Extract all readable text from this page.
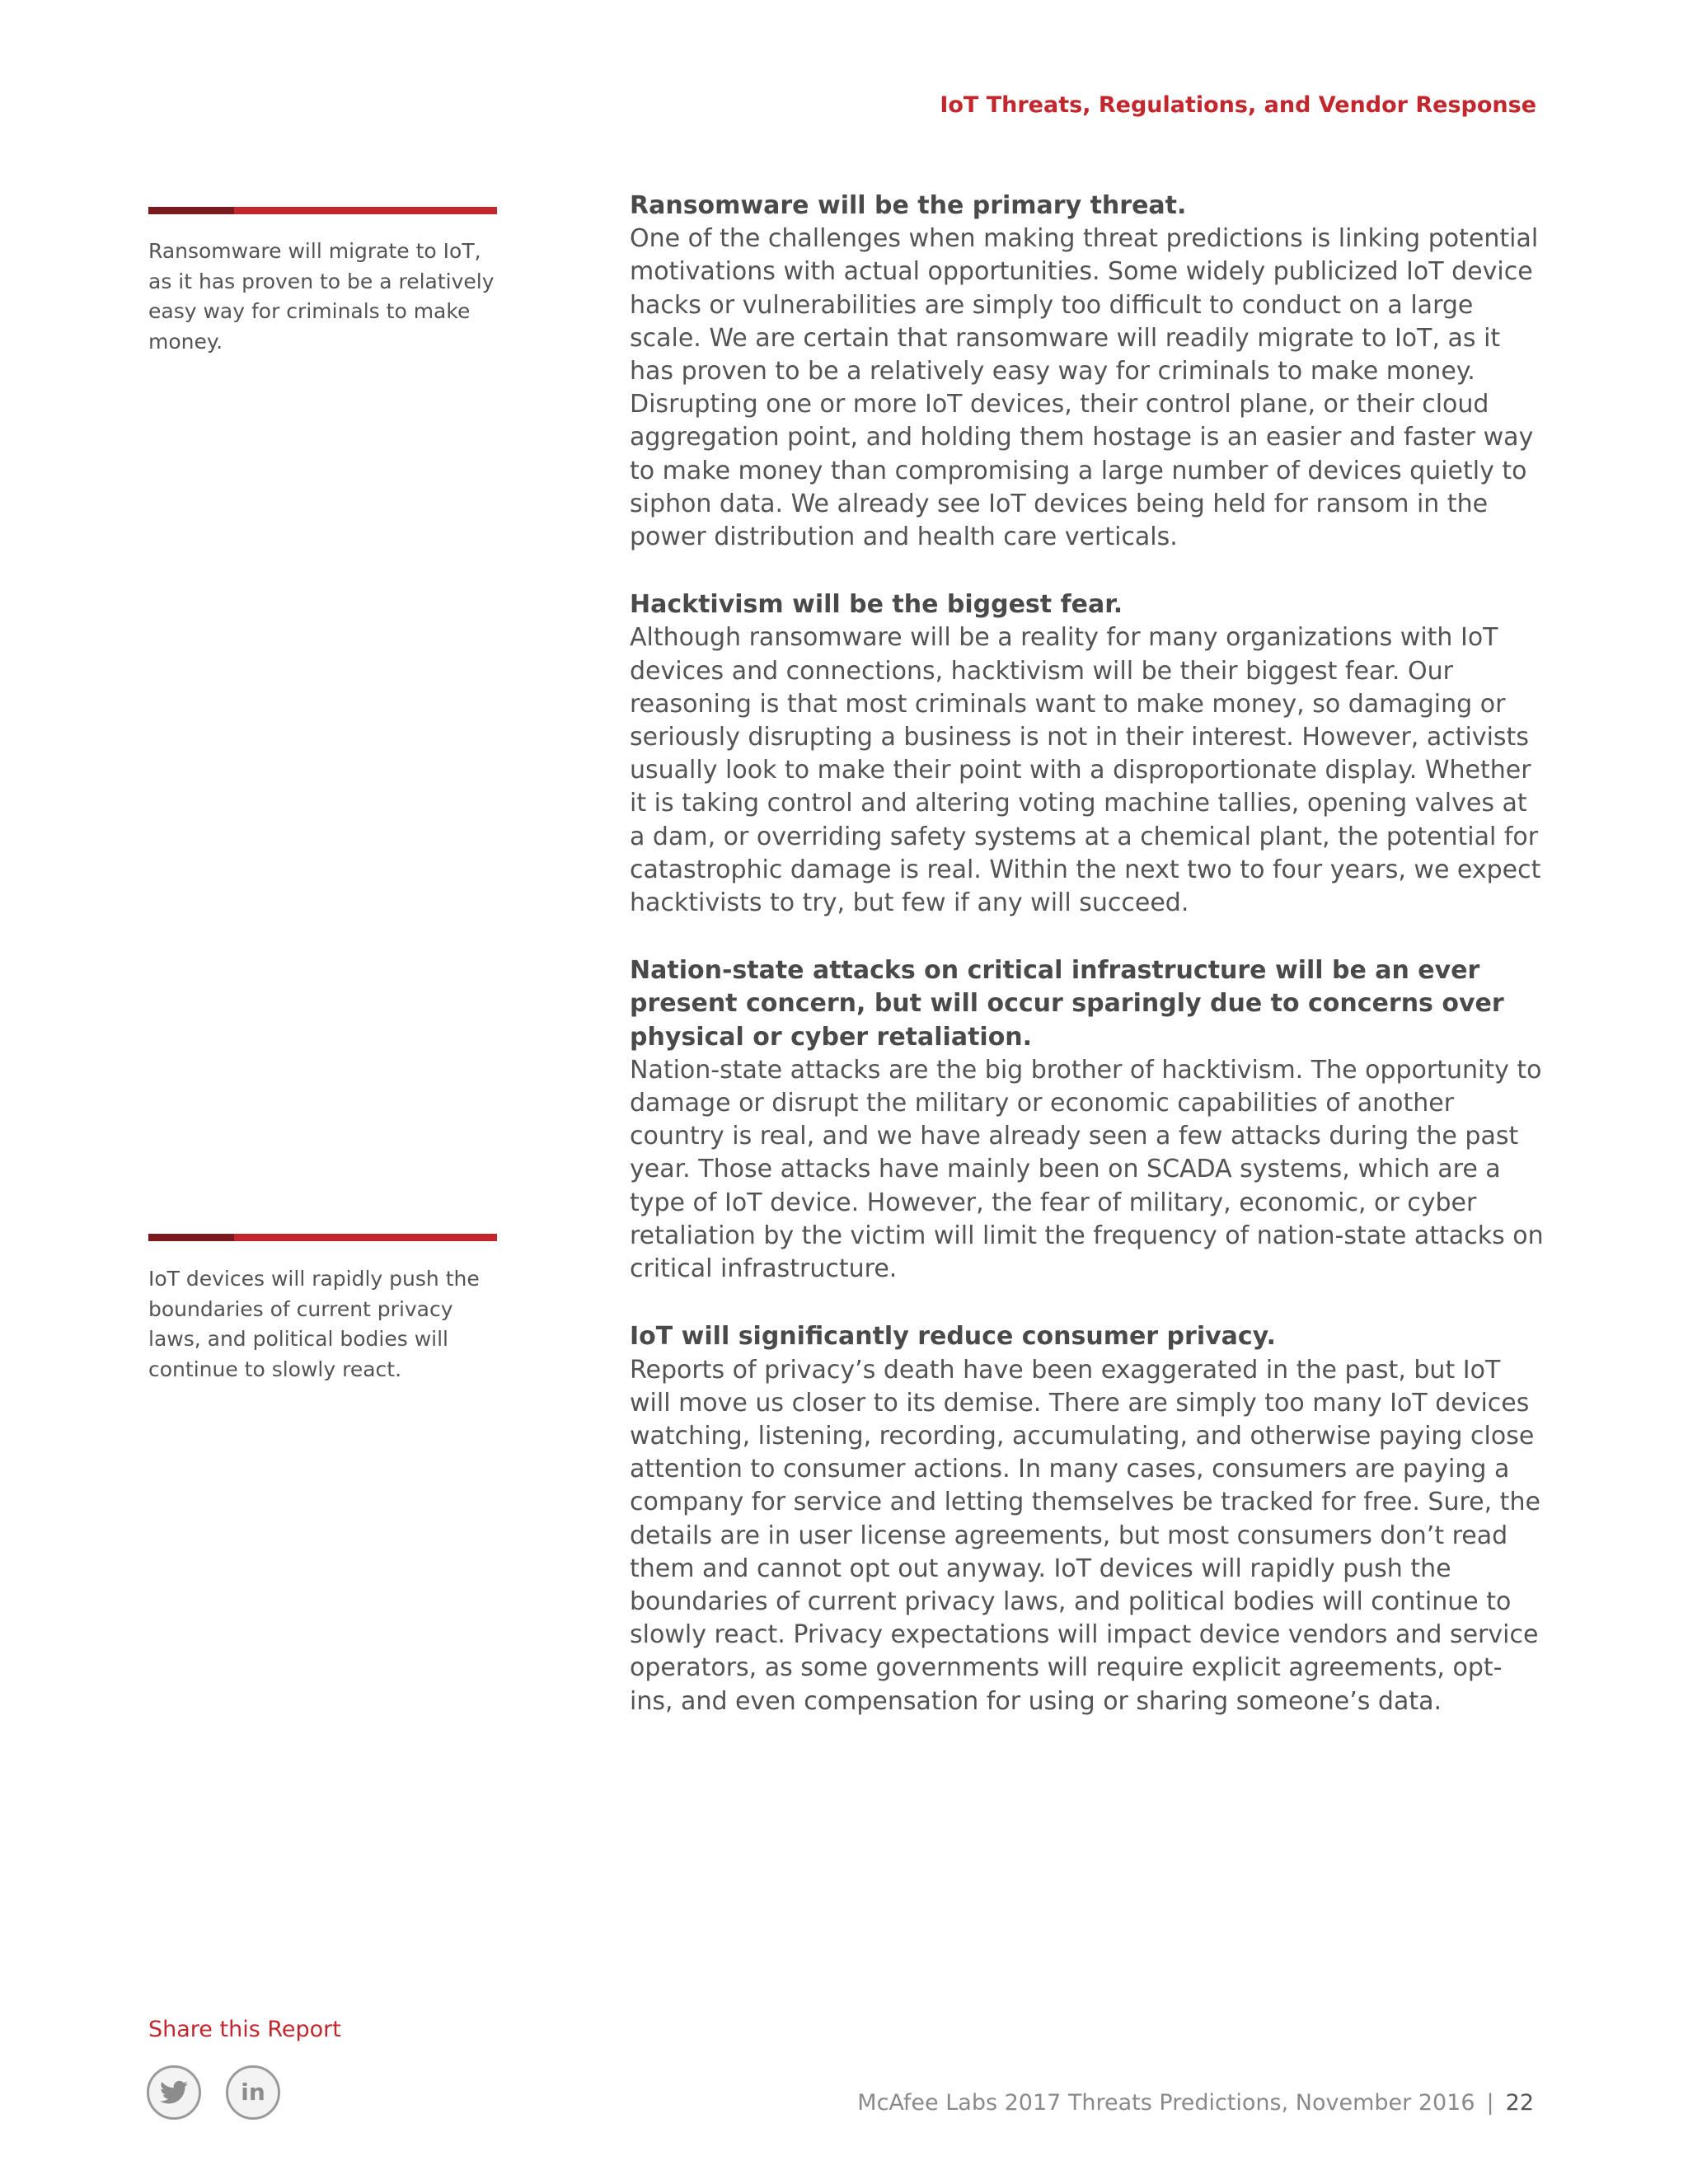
IoT Threats, Regulations, and Vendor Response
Ransomware will migrate to IoT, as it has proven to be a relatively easy way for criminals to make money.
IoT devices will rapidly push the boundaries of current privacy laws, and political bodies will continue to slowly react.
Ransomware will be the primary threat.

One of the challenges when making threat predictions is linking potential motivations with actual opportunities. Some widely publicized IoT device hacks or vulnerabilities are simply too difficult to conduct on a large scale. We are certain that ransomware will readily migrate to IoT, as it has proven to be a relatively easy way for criminals to make money. Disrupting one or more IoT devices, their control plane, or their cloud aggregation point, and holding them hostage is an easier and faster way to make money than compromising a large number of devices quietly to siphon data. We already see IoT devices being held for ransom in the power distribution and health care verticals.

Hacktivism will be the biggest fear.

Although ransomware will be a reality for many organizations with IoT devices and connections, hacktivism will be their biggest fear. Our reasoning is that most criminals want to make money, so damaging or seriously disrupting a business is not in their interest. However, activists usually look to make their point with a disproportionate display. Whether it is taking control and altering voting machine tallies, opening valves at a dam, or overriding safety systems at a chemical plant, the potential for catastrophic damage is real. Within the next two to four years, we expect hacktivists to try, but few if any will succeed.

Nation-state attacks on critical infrastructure will be an ever present concern, but will occur sparingly due to concerns over physical or cyber retaliation.

Nation-state attacks are the big brother of hacktivism. The opportunity to damage or disrupt the military or economic capabilities of another country is real, and we have already seen a few attacks during the past year. Those attacks have mainly been on SCADA systems, which are a type of IoT device. However, the fear of military, economic, or cyber retaliation by the victim will limit the frequency of nation-state attacks on critical infrastructure.

IoT will significantly reduce consumer privacy.

Reports of privacy’s death have been exaggerated in the past, but IoT will move us closer to its demise. There are simply too many IoT devices watching, listening, recording, accumulating, and otherwise paying close attention to consumer actions. In many cases, consumers are paying a company for service and letting themselves be tracked for free. Sure, the details are in user license agreements, but most consumers don’t read them and cannot opt out anyway. IoT devices will rapidly push the boundaries of current privacy laws, and political bodies will continue to slowly react. Privacy expectations will impact device vendors and service operators, as some governments will require explicit agreements, opt-ins, and even compensation for using or sharing someone’s data.

Share this Report
in	McAfee Labs 2017 Threats Predictions, November 2016 | 22
